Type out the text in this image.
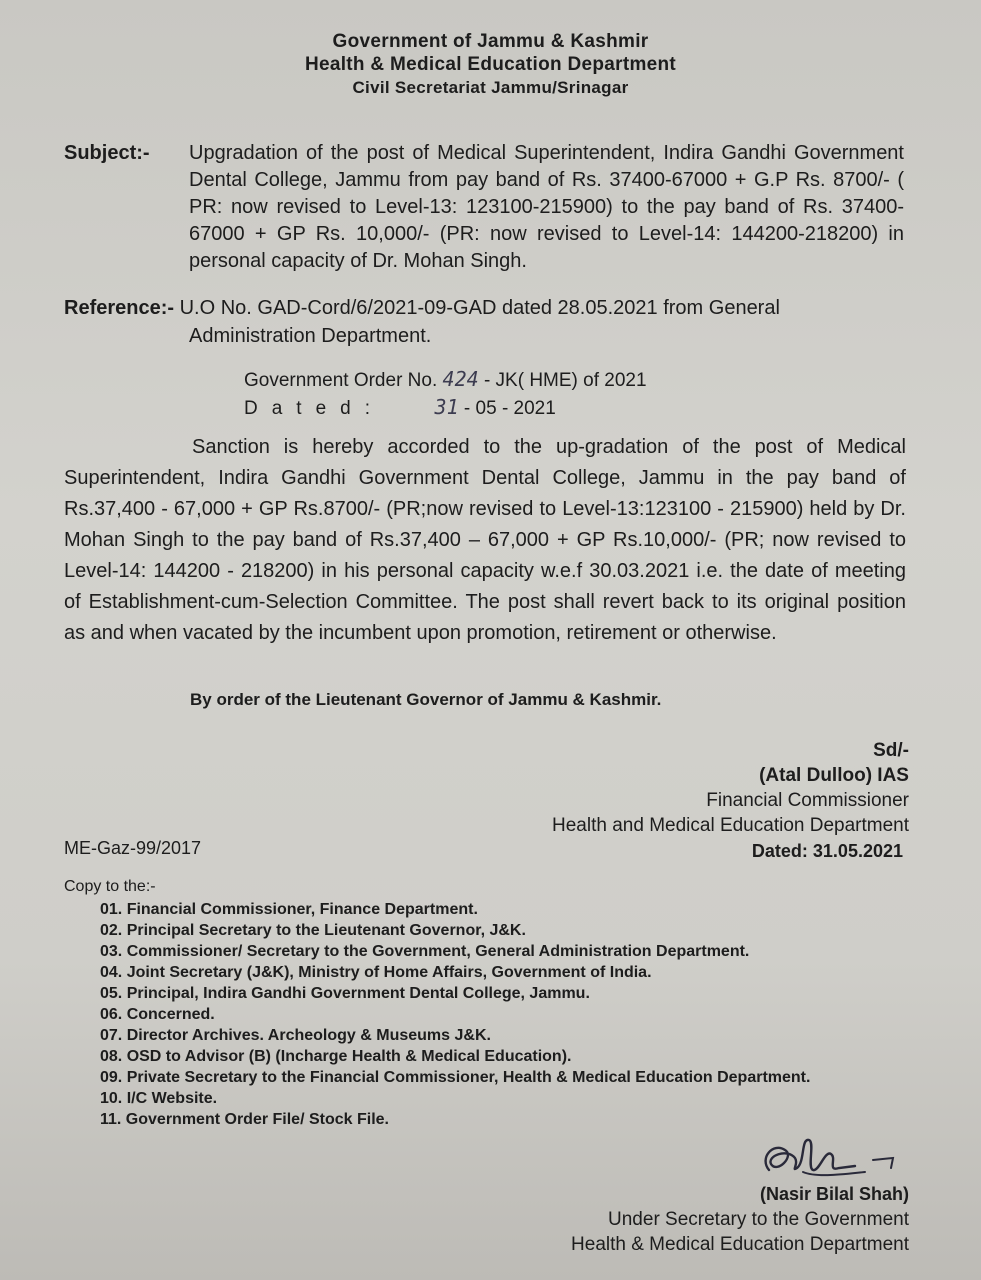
Government of Jammu & Kashmir
Health & Medical Education Department
Civil Secretariat Jammu/Srinagar
Subject:- Upgradation of the post of Medical Superintendent, Indira Gandhi Government Dental College, Jammu from pay band of Rs. 37400-67000 + G.P Rs. 8700/- ( PR: now revised to Level-13: 123100-215900) to the pay band of Rs. 37400-67000 + GP Rs. 10,000/- (PR: now revised to Level-14: 144200-218200) in personal capacity of Dr. Mohan Singh.
Reference:- U.O No. GAD-Cord/6/2021-09-GAD dated 28.05.2021 from General
Administration Department.
Government Order No. 424 - JK( HME) of 2021
Dated:	31 - 05 - 2021
Sanction is hereby accorded to the up-gradation of the post of Medical Superintendent, Indira Gandhi Government Dental College, Jammu in the pay band of Rs.37,400 - 67,000 + GP Rs.8700/- (PR;now revised to Level-13:123100 - 215900) held by Dr. Mohan Singh to the pay band of Rs.37,400 – 67,000 + GP Rs.10,000/- (PR; now revised to Level-14: 144200 - 218200) in his personal capacity w.e.f 30.03.2021 i.e. the date of meeting of Establishment-cum-Selection Committee. The post shall revert back to its original position as and when vacated by the incumbent upon promotion, retirement or otherwise.
By order of the Lieutenant Governor of Jammu & Kashmir.
Sd/-
(Atal Dulloo) IAS
Financial Commissioner
Health and Medical Education Department
ME-Gaz-99/2017	Dated: 31.05.2021
Copy to the:-
01. Financial Commissioner, Finance Department.
02. Principal Secretary to the Lieutenant Governor, J&K.
03. Commissioner/ Secretary to the Government, General Administration Department.
04. Joint Secretary (J&K), Ministry of Home Affairs, Government of India.
05. Principal, Indira Gandhi Government Dental College, Jammu.
06. Concerned.
07. Director Archives. Archeology & Museums J&K.
08. OSD to Advisor (B) (Incharge Health & Medical Education).
09. Private Secretary to the Financial Commissioner, Health & Medical Education Department.
10. I/C Website.
11. Government Order File/ Stock File.
(Nasir Bilal Shah)
Under Secretary to the Government
Health & Medical Education Department
